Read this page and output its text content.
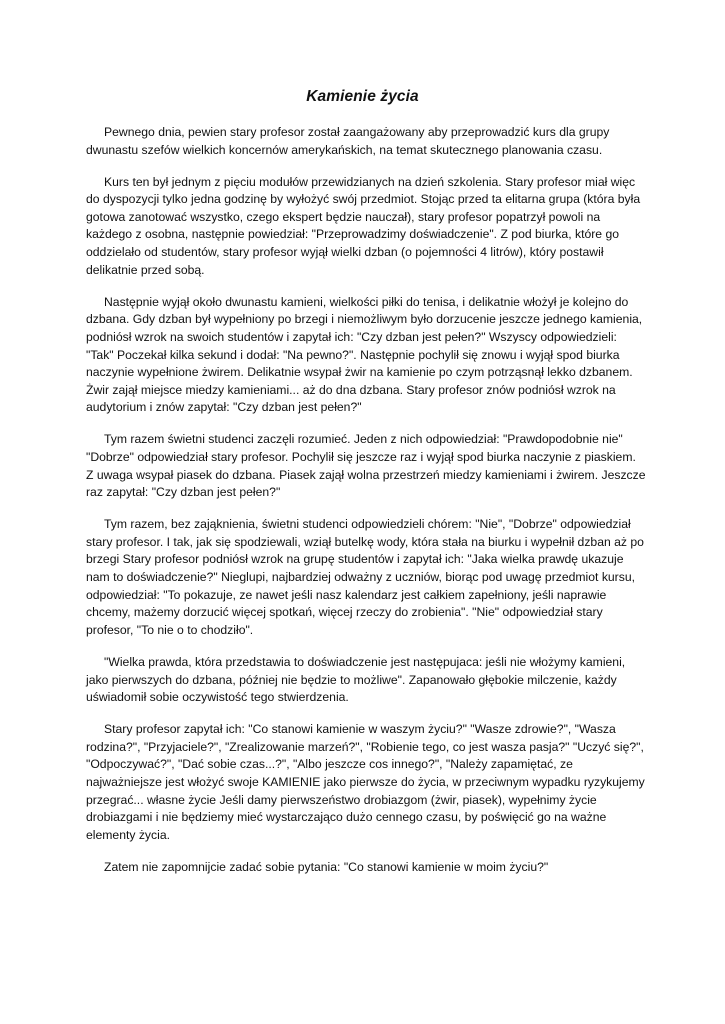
Kamienie życia

Pewnego dnia, pewien stary profesor został zaangażowany aby przeprowadzić kurs dla grupy dwunastu szefów wielkich koncernów amerykańskich, na temat skutecznego planowania czasu.

Kurs ten był jednym z pięciu modułów przewidzianych na dzień szkolenia. Stary profesor miał więc do dyspozycji tylko jedna godzinę by wyłożyć swój przedmiot. Stojąc przed ta elitarna grupa (która była gotowa zanotować wszystko, czego ekspert będzie nauczał), stary profesor popatrzył powoli na każdego z osobna, następnie powiedział: "Przeprowadzimy doświadczenie". Z pod biurka, które go oddzielało od studentów, stary profesor wyjął wielki dzban (o pojemności 4 litrów), który postawił delikatnie przed sobą.

Następnie wyjął około dwunastu kamieni, wielkości piłki do tenisa, i delikatnie włożył je kolejno do dzbana. Gdy dzban był wypełniony po brzegi i niemożliwym było dorzucenie jeszcze jednego kamienia, podniósł wzrok na swoich studentów i zapytał ich: "Czy dzban jest pełen?" Wszyscy odpowiedzieli: "Tak" Poczekał kilka sekund i dodał: "Na pewno?". Następnie pochylił się znowu i wyjął spod biurka naczynie wypełnione żwirem. Delikatnie wsypał żwir na kamienie po czym potrząsnął lekko dzbanem. Żwir zajął miejsce miedzy kamieniami... aż do dna dzbana. Stary profesor znów podniósł wzrok na audytorium i znów zapytał: "Czy dzban jest pełen?"

Tym razem świetni studenci zaczęli rozumieć. Jeden z nich odpowiedział: "Prawdopodobnie nie" "Dobrze" odpowiedział stary profesor. Pochylił się jeszcze raz i wyjął spod biurka naczynie z piaskiem. Z uwaga wsypał piasek do dzbana. Piasek zajął wolna przestrzeń miedzy kamieniami i żwirem. Jeszcze raz zapytał: "Czy dzban jest pełen?"

Tym razem, bez zająknienia, świetni studenci odpowiedzieli chórem: "Nie", "Dobrze" odpowiedział stary profesor. I tak, jak się spodziewali, wziął butelkę wody, która stała na biurku i wypełnił dzban aż po brzegi Stary profesor podniósł wzrok na grupę studentów i zapytał ich: "Jaka wielka prawdę ukazuje nam to doświadczenie?" Nieglupi, najbardziej odważny z uczniów, biorąc pod uwagę przedmiot kursu, odpowiedział: "To pokazuje, ze nawet jeśli nasz kalendarz jest całkiem zapełniony, jeśli naprawie chcemy, mażemy dorzucić więcej spotkań, więcej rzeczy do zrobienia". "Nie" odpowiedział stary profesor, "To nie o to chodziło".

"Wielka prawda, która przedstawia to doświadczenie jest następujaca: jeśli nie włożymy kamieni, jako pierwszych do dzbana, później nie będzie to możliwe". Zapanowało głębokie milczenie, każdy uświadomił sobie oczywistość tego stwierdzenia.

Stary profesor zapytał ich: "Co stanowi kamienie w waszym życiu?" "Wasze zdrowie?", "Wasza rodzina?", "Przyjaciele?", "Zrealizowanie marzeń?", "Robienie tego, co jest wasza pasja?" "Uczyć się?", "Odpoczywać?", "Dać sobie czas...?", "Albo jeszcze cos innego?", "Należy zapamiętać, ze najważniejsze jest włożyć swoje KAMIENIE jako pierwsze do życia, w przeciwnym wypadku ryzykujemy przegrać... własne życie Jeśli damy pierwszeństwo drobiazgom (żwir, piasek), wypełnimy życie drobiazgami i nie będziemy mieć wystarczająco dużo cennego czasu, by poświęcić go na ważne elementy życia.

Zatem nie zapomnijcie zadać sobie pytania: "Co stanowi kamienie w moim życiu?"
